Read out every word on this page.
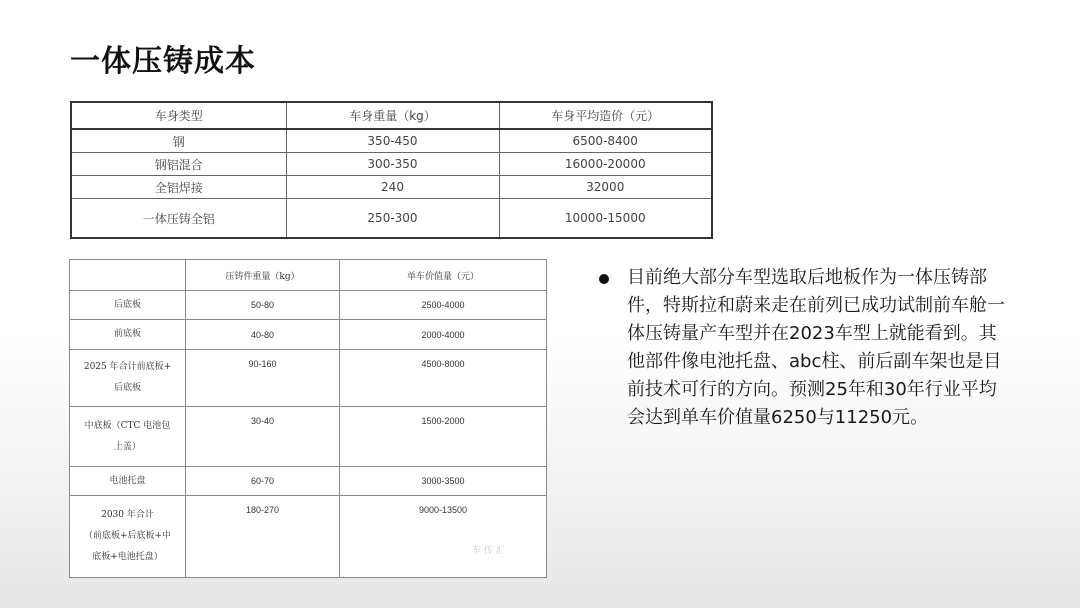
一体压铸成本
车身类型	车身重量（kg）	车身平均造价（元）
钢	350-450	6500-8400
钢铝混合	300-350	16000-20000
全铝焊接	240	32000
一体压铸全铝	250-300	10000-15000
	压铸件重量（kg）	单车价值量（元）

后底板	50-80	2500-4000

前底板	40-80	2000-4000

2025 年合计前底板+
后底板	90-160	4500-8000

中底板（CTC 电池包
上盖）	30-40	1500-2000

电池托盘	60-70	3000-3500

2030 年合计
（前底板+后底板+中
底板+电池托盘）	180-270	9000-13500
车 传 汇
目前绝大部分车型选取后地板作为一体压铸部件，特斯拉和蔚来走在前列已成功试制前车舱一体压铸量产车型并在2023车型上就能看到。其他部件像电池托盘、abc柱、前后副车架也是目前技术可行的方向。预测25年和30年行业平均会达到单车价值量6250与11250元。
